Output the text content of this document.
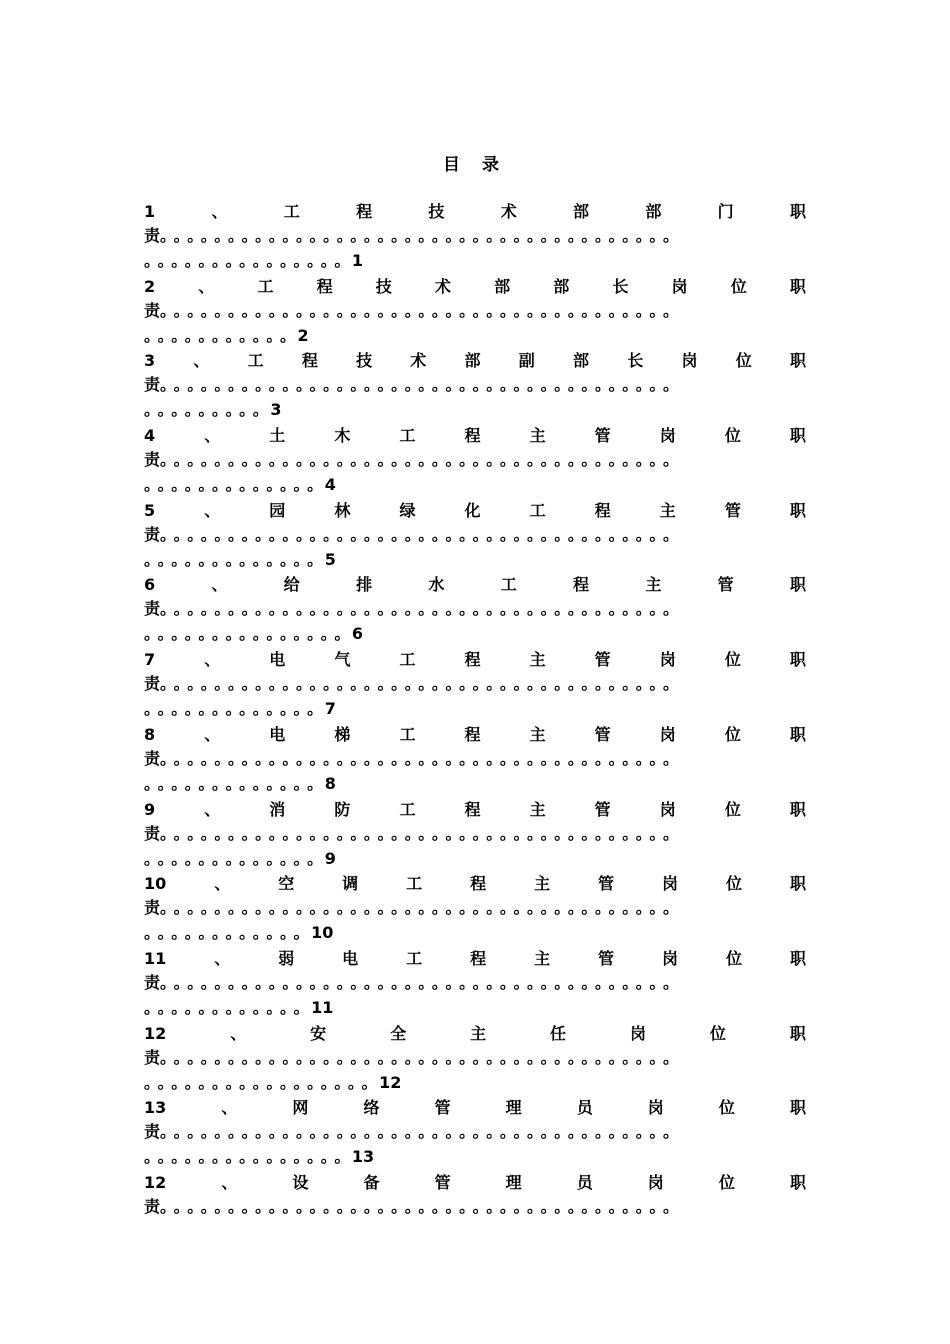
目 录
1	、	工	程	技	术	部	部	门	职
责。。。。。。。。。。。。。。。。。。。。。。。。。。。。。。。。。。。。。。
。。。。。。。。。。。。。。。1
2	、	工	程	技	术	部	部	长	岗	位	职
责。。。。。。。。。。。。。。。。。。。。。。。。。。。。。。。。。。。。。。
。。。。。。。。。。。2
3 、 工 程 技 术 部 副 部 长 岗 位 职
责。。。。。。。。。。。。。。。。。。。。。。。。。。。。。。。。。。。。。。
。。。。。。。。。3
4	、	土	木	工	程	主	管	岗	位	职
责。。。。。。。。。。。。。。。。。。。。。。。。。。。。。。。。。。。。。。
。。。。。。。。。。。。。4
5	、	园	林	绿	化	工	程	主	管	职
责。。。。。。。。。。。。。。。。。。。。。。。。。。。。。。。。。。。。。。
。。。。。。。。。。。。。5
6	、	给	排	水	工	程	主	管	职
责。。。。。。。。。。。。。。。。。。。。。。。。。。。。。。。。。。。。。。
。。。。。。。。。。。。。。。6
7	、	电	气	工	程	主	管	岗	位	职
责。。。。。。。。。。。。。。。。。。。。。。。。。。。。。。。。。。。。。。
。。。。。。。。。。。。。7
8	、	电	梯	工	程	主	管	岗	位	职
责。。。。。。。。。。。。。。。。。。。。。。。。。。。。。。。。。。。。。。
。。。。。。。。。。。。。8
9	、	消	防	工	程	主	管	岗	位	职
责。。。。。。。。。。。。。。。。。。。。。。。。。。。。。。。。。。。。。。
。。。。。。。。。。。。。9
10	、	空	调	工	程	主	管	岗	位	职
责。。。。。。。。。。。。。。。。。。。。。。。。。。。。。。。。。。。。。。
。。。。。。。。。。。。10
11	、	弱	电	工	程	主	管	岗	位	职
责。。。。。。。。。。。。。。。。。。。。。。。。。。。。。。。。。。。。。。
。。。。。。。。。。。。11
12	、	安	全	主	任	岗	位	职
责。。。。。。。。。。。。。。。。。。。。。。。。。。。。。。。。。。。。。。
。。。。。。。。。。。。。。。。。12
13	、	网	络	管	理	员	岗	位	职
责。。。。。。。。。。。。。。。。。。。。。。。。。。。。。。。。。。。。。。
。。。。。。。。。。。。。。。13
12	、	设	备	管	理	员	岗	位	职
责。。。。。。。。。。。。。。。。。。。。。。。。。。。。。。。。。。。。。。
